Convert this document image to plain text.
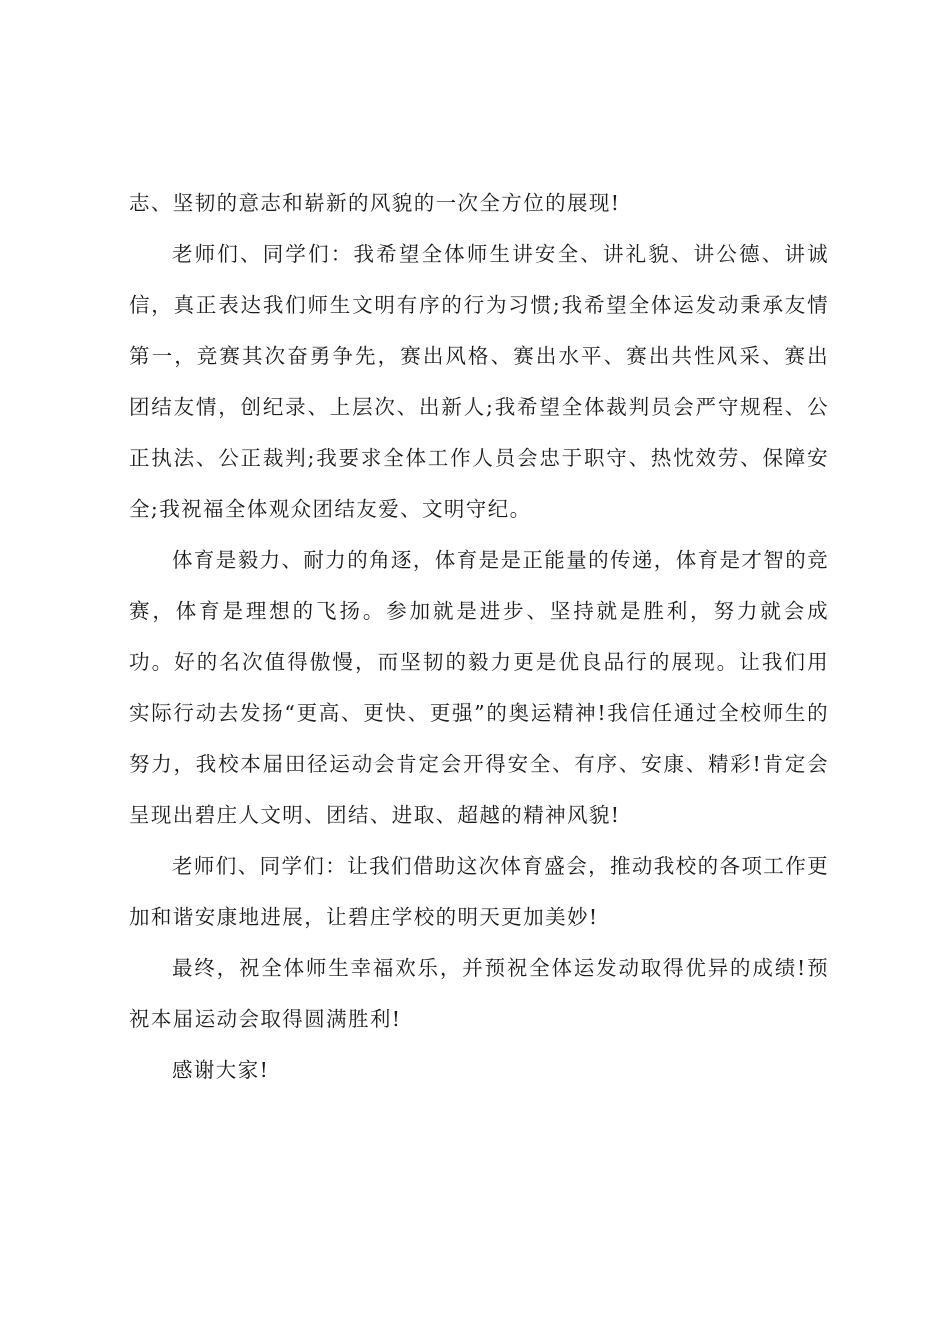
志、坚韧的意志和崭新的风貌的一次全方位的展现!

老师们、同学们：我希望全体师生讲安全、讲礼貌、讲公德、讲诚信，真正表达我们师生文明有序的行为习惯;我希望全体运发动秉承友情第一，竞赛其次奋勇争先，赛出风格、赛出水平、赛出共性风采、赛出团结友情，创纪录、上层次、出新人;我希望全体裁判员会严守规程、公正执法、公正裁判;我要求全体工作人员会忠于职守、热忱效劳、保障安全;我祝福全体观众团结友爱、文明守纪。

体育是毅力、耐力的角逐，体育是是正能量的传递，体育是才智的竞赛，体育是理想的飞扬。参加就是进步、坚持就是胜利，努力就会成功。好的名次值得傲慢，而坚韧的毅力更是优良品行的展现。让我们用实际行动去发扬“更高、更快、更强”的奥运精神!我信任通过全校师生的努力，我校本届田径运动会肯定会开得安全、有序、安康、精彩!肯定会呈现出碧庄人文明、团结、进取、超越的精神风貌!

老师们、同学们：让我们借助这次体育盛会，推动我校的各项工作更加和谐安康地进展，让碧庄学校的明天更加美妙!

最终，祝全体师生幸福欢乐，并预祝全体运发动取得优异的成绩!预祝本届运动会取得圆满胜利!

感谢大家!
